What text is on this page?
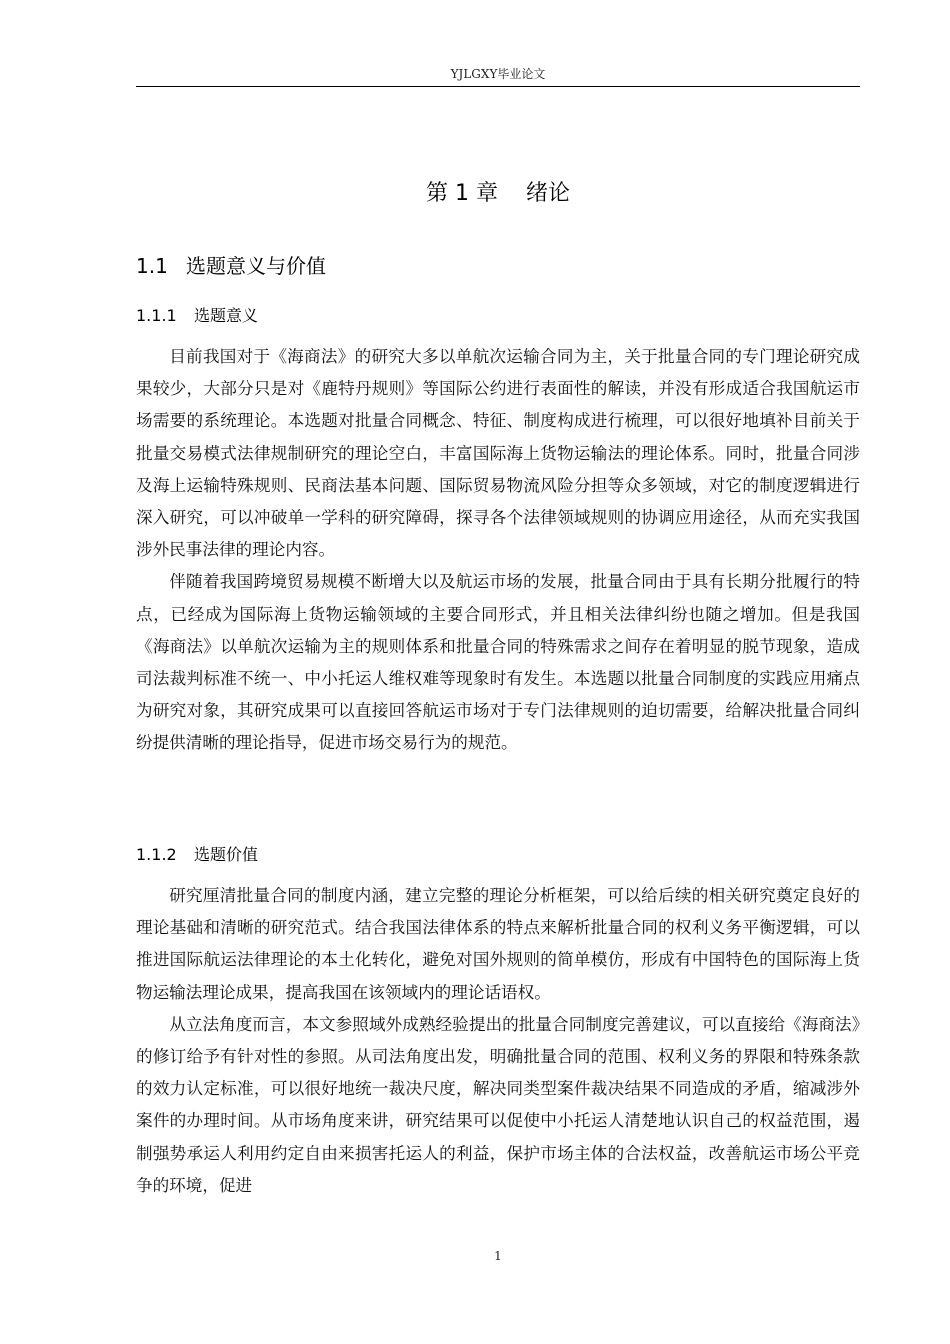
YJLGXY毕业论文
第 1 章    绪论
1.1 选题意义与价值
1.1.1 选题意义

目前我国对于《海商法》的研究大多以单航次运输合同为主，关于批量合同的专门理论研究成果较少，大部分只是对《鹿特丹规则》等国际公约进行表面性的解读，并没有形成适合我国航运市场需要的系统理论。本选题对批量合同概念、特征、制度构成进行梳理，可以很好地填补目前关于批量交易模式法律规制研究的理论空白，丰富国际海上货物运输法的理论体系。同时，批量合同涉及海上运输特殊规则、民商法基本问题、国际贸易物流风险分担等众多领域，对它的制度逻辑进行深入研究，可以冲破单一学科的研究障碍，探寻各个法律领域规则的协调应用途径，从而充实我国涉外民事法律的理论内容。

伴随着我国跨境贸易规模不断增大以及航运市场的发展，批量合同由于具有长期分批履行的特点，已经成为国际海上货物运输领域的主要合同形式，并且相关法律纠纷也随之增加。但是我国《海商法》以单航次运输为主的规则体系和批量合同的特殊需求之间存在着明显的脱节现象，造成司法裁判标准不统一、中小托运人维权难等现象时有发生。本选题以批量合同制度的实践应用痛点为研究对象，其研究成果可以直接回答航运市场对于专门法律规则的迫切需要，给解决批量合同纠纷提供清晰的理论指导，促进市场交易行为的规范。

1.1.2 选题价值

研究厘清批量合同的制度内涵，建立完整的理论分析框架，可以给后续的相关研究奠定良好的理论基础和清晰的研究范式。结合我国法律体系的特点来解析批量合同的权利义务平衡逻辑，可以推进国际航运法律理论的本土化转化，避免对国外规则的简单模仿，形成有中国特色的国际海上货物运输法理论成果，提高我国在该领域内的理论话语权。

从立法角度而言，本文参照域外成熟经验提出的批量合同制度完善建议，可以直接给《海商法》的修订给予有针对性的参照。从司法角度出发，明确批量合同的范围、权利义务的界限和特殊条款的效力认定标准，可以很好地统一裁决尺度，解决同类型案件裁决结果不同造成的矛盾，缩减涉外案件的办理时间。从市场角度来讲，研究结果可以促使中小托运人清楚地认识自己的权益范围，遏制强势承运人利用约定自由来损害托运人的利益，保护市场主体的合法权益，改善航运市场公平竞争的环境，促进

1
